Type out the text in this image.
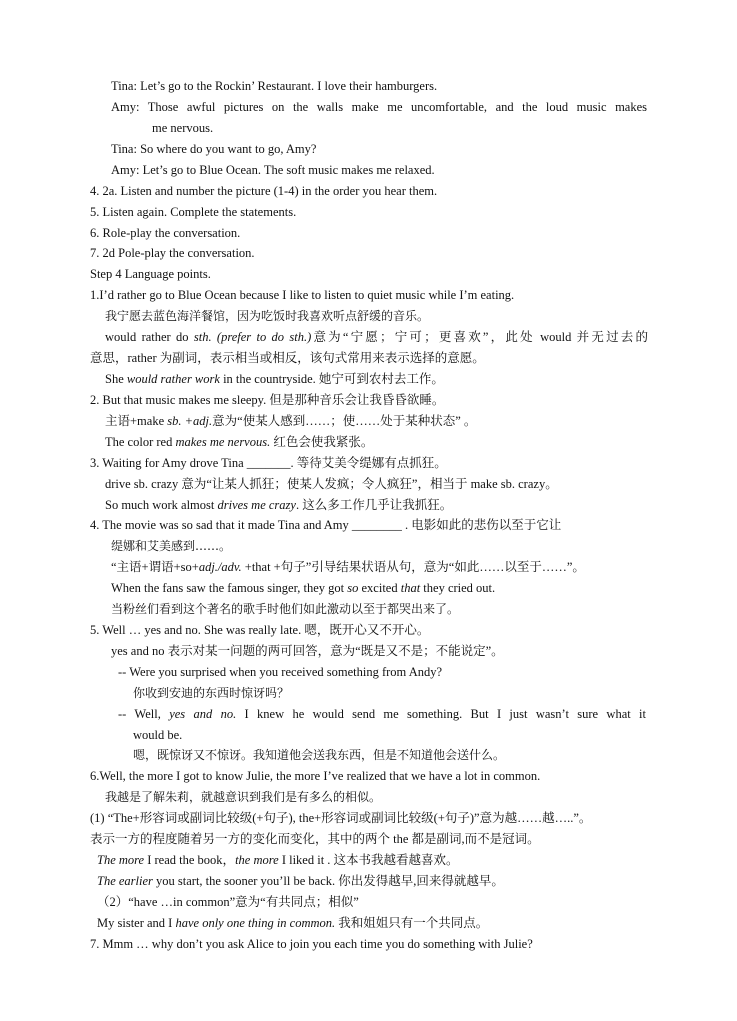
Tina: Let’s go to the Rockin’ Restaurant. I love their hamburgers.
Amy: Those awful pictures on the walls make me uncomfortable, and the loud music makes
me nervous.
Tina: So where do you want to go, Amy?
Amy: Let’s go to Blue Ocean. The soft music makes me relaxed.
4. 2a. Listen and number the picture (1-4) in the order you hear them.
5. Listen again. Complete the statements.
6. Role-play the conversation.
7. 2d Pole-play the conversation.
Step 4 Language points.
1.I’d rather go to Blue Ocean because I like to listen to quiet music while I’m eating.
我宁愿去蓝色海洋餐馆，因为吃饭时我喜欢听点舒缓的音乐。
would rather do sth. (prefer to do sth.)意为“宁愿；宁可；更喜欢”，此处 would 并无过去的
意思，rather 为副词，表示相当或相反，该句式常用来表示选择的意愿。
She would rather work in the countryside. 她宁可到农村去工作。
2. But that music makes me sleepy. 但是那种音乐会让我昏昏欲睡。
主语+make sb. +adj.意为“使某人感到……；使……处于某种状态” 。
The color red makes me nervous. 红色会使我紧张。
3. Waiting for Amy drove Tina _______. 等待艾美令缇娜有点抓狂。
drive sb. crazy 意为“让某人抓狂；使某人发疯；令人疯狂”，相当于 make sb. crazy。
So much work almost drives me crazy. 这么多工作几乎让我抓狂。
4. The movie was so sad that it made Tina and Amy ________ . 电影如此的悲伤以至于它让
缇娜和艾美感到……。
“主语+谓语+so+adj./adv. +that +句子”引导结果状语从句，意为“如此……以至于……”。
When the fans saw the famous singer, they got so excited that they cried out.
当粉丝们看到这个著名的歌手时他们如此激动以至于都哭出来了。
5. Well … yes and no. She was really late. 嗯，既开心又不开心。
yes and no 表示对某一问题的两可回答，意为“既是又不是；不能说定”。
-- Were you surprised when you received something from Andy?
你收到安迪的东西时惊讶吗？
-- Well, yes and no. I knew he would send me something. But I just wasn’t sure what it
would be.
嗯，既惊讶又不惊讶。我知道他会送我东西，但是不知道他会送什么。
6.Well, the more I got to know Julie, the more I’ve realized that we have a lot in common.
我越是了解朱莉，就越意识到我们是有多么的相似。
(1) “The+形容词或副词比较级(+句子), the+形容词或副词比较级(+句子)”意为越……越…..”。
表示一方的程度随着另一方的变化而变化，其中的两个 the 都是副词,而不是冠词。
The more I read the book，the more I liked it . 这本书我越看越喜欢。
The earlier you start, the sooner you’ll be back. 你出发得越早,回来得就越早。
（2）“have …in common”意为“有共同点；相似”
My sister and I have only one thing in common. 我和姐姐只有一个共同点。
7. Mmm … why don’t you ask Alice to join you each time you do something with Julie?
